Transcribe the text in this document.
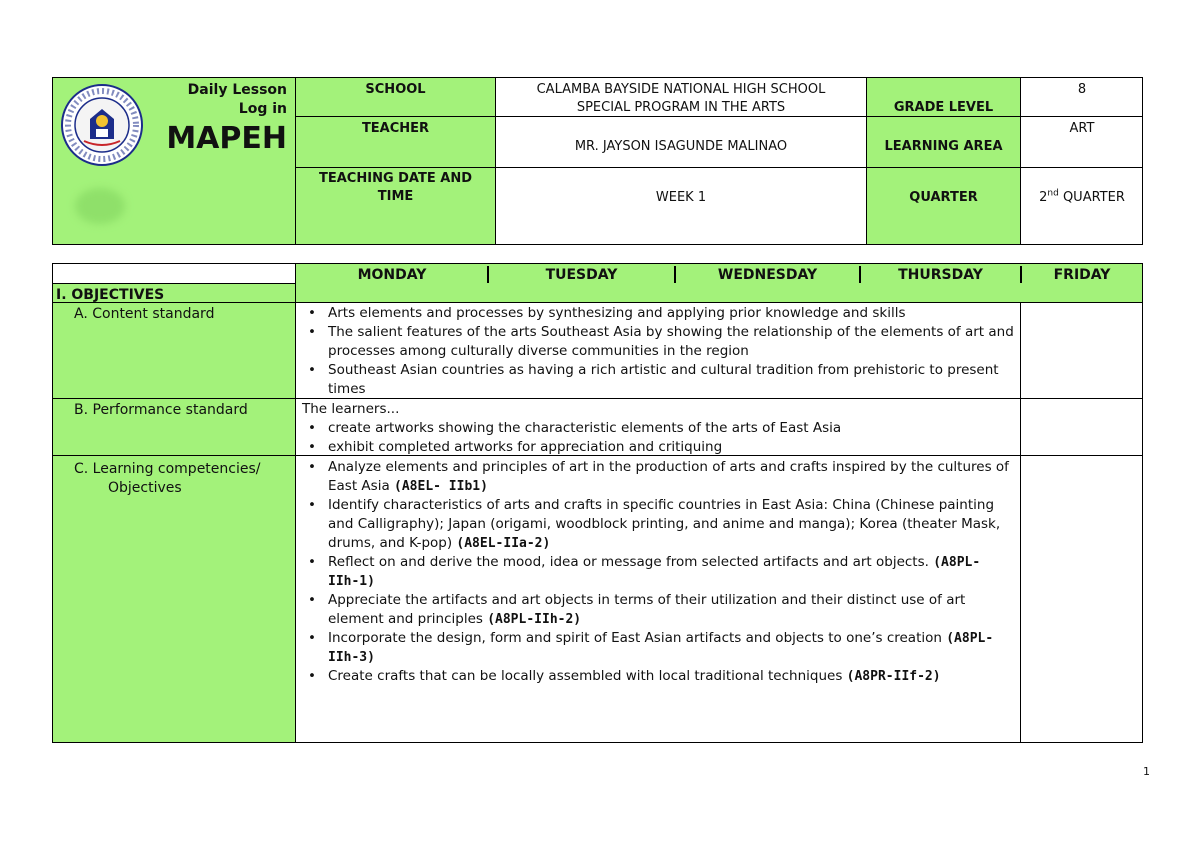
Daily Lesson
Log in
MAPEH
SCHOOL	CALAMBA BAYSIDE NATIONAL HIGH SCHOOL
SPECIAL PROGRAM IN THE ARTS	GRADE LEVEL
8
TEACHER
MR. JAYSON ISAGUNDE MALINAO	LEARNING AREA
ART
TEACHING DATE AND TIME	WEEK 1	QUARTER	2nd QUARTER
MONDAY	TUESDAY	WEDNESDAY	THURSDAY	FRIDAY
I. OBJECTIVES
A. Content standard
•	Arts elements and processes by synthesizing and applying prior knowledge and skills
• The salient features of the arts Southeast Asia by showing the relationship of the elements of art and processes among culturally diverse communities in the region
• Southeast Asian countries as having a rich artistic and cultural tradition from prehistoric to present times
B. Performance standard	The learners...
• create artworks showing the characteristic elements of the arts of East Asia
• exhibit completed artworks for appreciation and critiquing
C. Learning competencies/
Objectives
• Analyze elements and principles of art in the production of arts and crafts inspired by the cultures of East Asia (A8EL- IIb1)
• Identify characteristics of arts and crafts in specific countries in East Asia: China (Chinese painting and Calligraphy); Japan (origami, woodblock printing, and anime and manga); Korea (theater Mask, drums, and K-pop) (A8EL-IIa-2)
• Reflect on and derive the mood, idea or message from selected artifacts and art objects. (A8PL- IIh-1)
• Appreciate the artifacts and art objects in terms of their utilization and their distinct use of art element and principles (A8PL-IIh-2)
• Incorporate the design, form and spirit of East Asian artifacts and objects to one’s creation (A8PL-IIh-3)
• Create crafts that can be locally assembled with local traditional techniques (A8PR-IIf-2)
1
